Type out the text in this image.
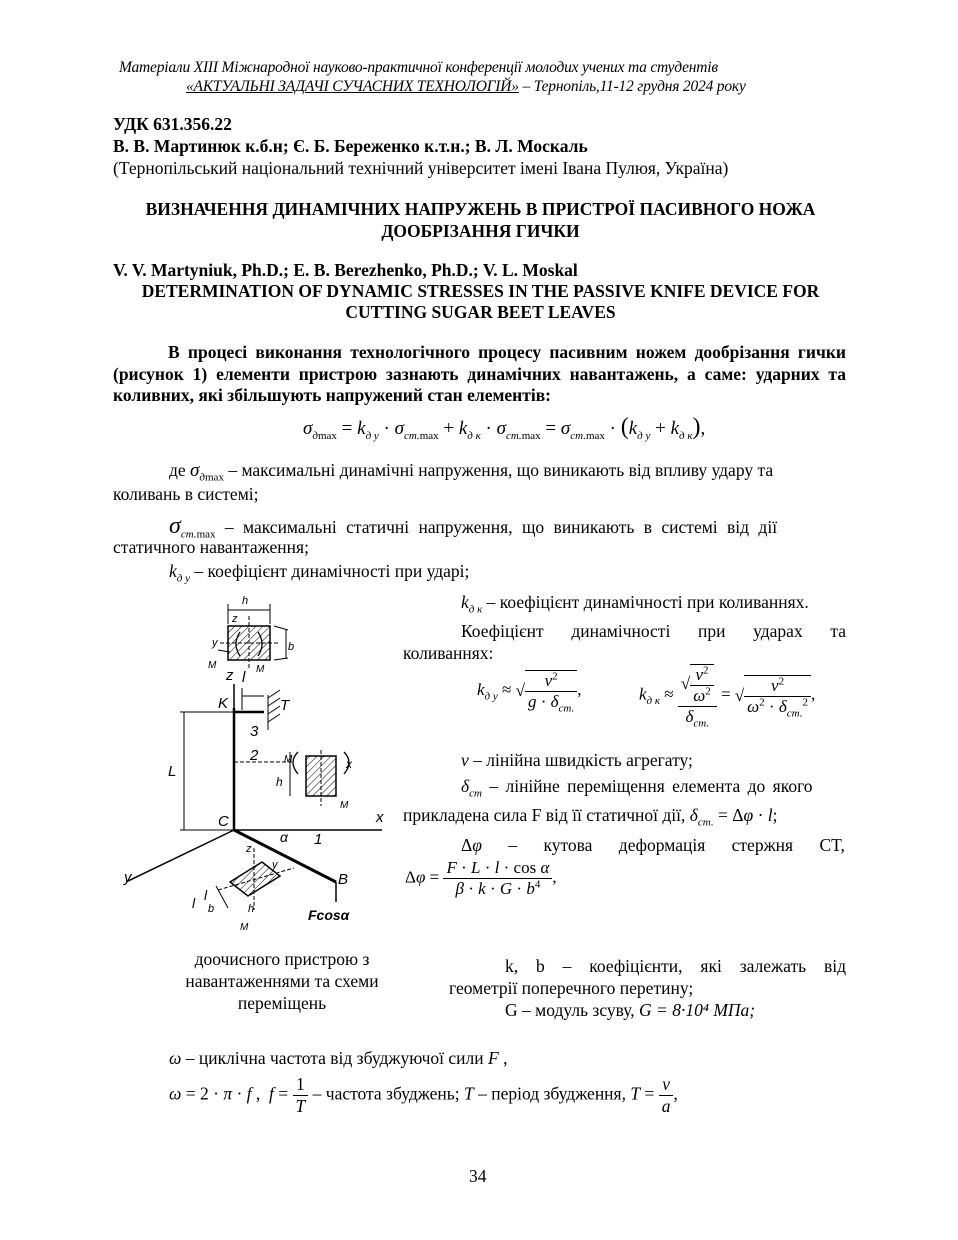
Матеріали XIII Міжнародної науково-практичної конференції молодих учених та студентів
«АКТУАЛЬНІ ЗАДАЧІ СУЧАСНИХ ТЕХНОЛОГІЙ» – Тернопіль,11-12 грудня 2024 року
УДК 631.356.22
В. В. Мартинюк к.б.н; Є. Б. Береженко к.т.н.; В. Л. Москаль
(Тернопільський національний технічний університет імені Івана Пулюя, Україна)
ВИЗНАЧЕННЯ ДИНАМІЧНИХ НАПРУЖЕНЬ В ПРИСТРОЇ ПАСИВНОГО НОЖА ДООБРІЗАННЯ ГИЧКИ
V. V. Martyniuk, Ph.D.; E. B. Berezhenko, Ph.D.; V. L. Moskal
DETERMINATION OF DYNAMIC STRESSES IN THE PASSIVE KNIFE DEVICE FOR CUTTING SUGAR BEET LEAVES
В процесі виконання технологічного процесу пасивним ножем дообрізання гички (рисунок 1) елементи пристрою зазнають динамічних навантажень, а саме: ударних та коливних, які збільшують напружений стан елементів:
$\sigma_{дmax} = k_{д у} \cdot \sigma_{ст.max} + k_{д к} \cdot \sigma_{ст.max} = \sigma_{ст.max} \cdot (k_{д у} + k_{д к})$,
де $\sigma_{дmax}$ – максимальні динамічні напруження, що виникають від впливу удару та
коливань в системі;
$\sigma_{ст.max}$ – максимальні статичні напруження, що виникають в системі від дії
статичного навантаження;
$k_{д у}$ – коефіцієнт динамічності при ударі;
h
z
y	b
M	M
z l
K	T
3
L
2
C	x
α 1
y	B
Fcosα
M
h
x
M
z
y
l l
b	h
M
доочисного пристрою з навантаженнями та схеми переміщень
$k_{д к}$ – коефіцієнт динамічності при коливаннях.
Коефіцієнт динамічності при ударах та
коливаннях:
$k_{д у}$ ≈ √ $\frac{v^2}{g \cdot \delta_{ст.}}$ ,	$k_{д к} \approx \frac{√ \frac{v^2}{\omega^2}}{\delta_{ст.}}$ = √ $\frac{v^2}{\omega^2 \cdot \delta_{ст.}^2}$ ,
v – лінійна швидкість агрегату;
$\delta_{ст}$ – лінійне переміщення елемента до якого
прикладена сила F від її статичної дії, $\delta_{ст.} = \Delta\varphi \cdot l$;
Δφ – кутова деформація стержня CT,
$\Delta\varphi = \frac{\text{F · L · l · cos α}}{\beta \cdot k \cdot G \cdot b^4}$ ,
k, b – коефіцієнти, які залежать від
геометрії поперечного перетину;
G – модуль зсуву, G = 8·10⁴ МПа;
ω – циклічна частота від збуджуючої сили F ,
ω = 2 · π · f ,  $f = \frac{1}{T}$ – частота збуджень; T – період збудження, $T = \frac{v}{a}$ ,
34
